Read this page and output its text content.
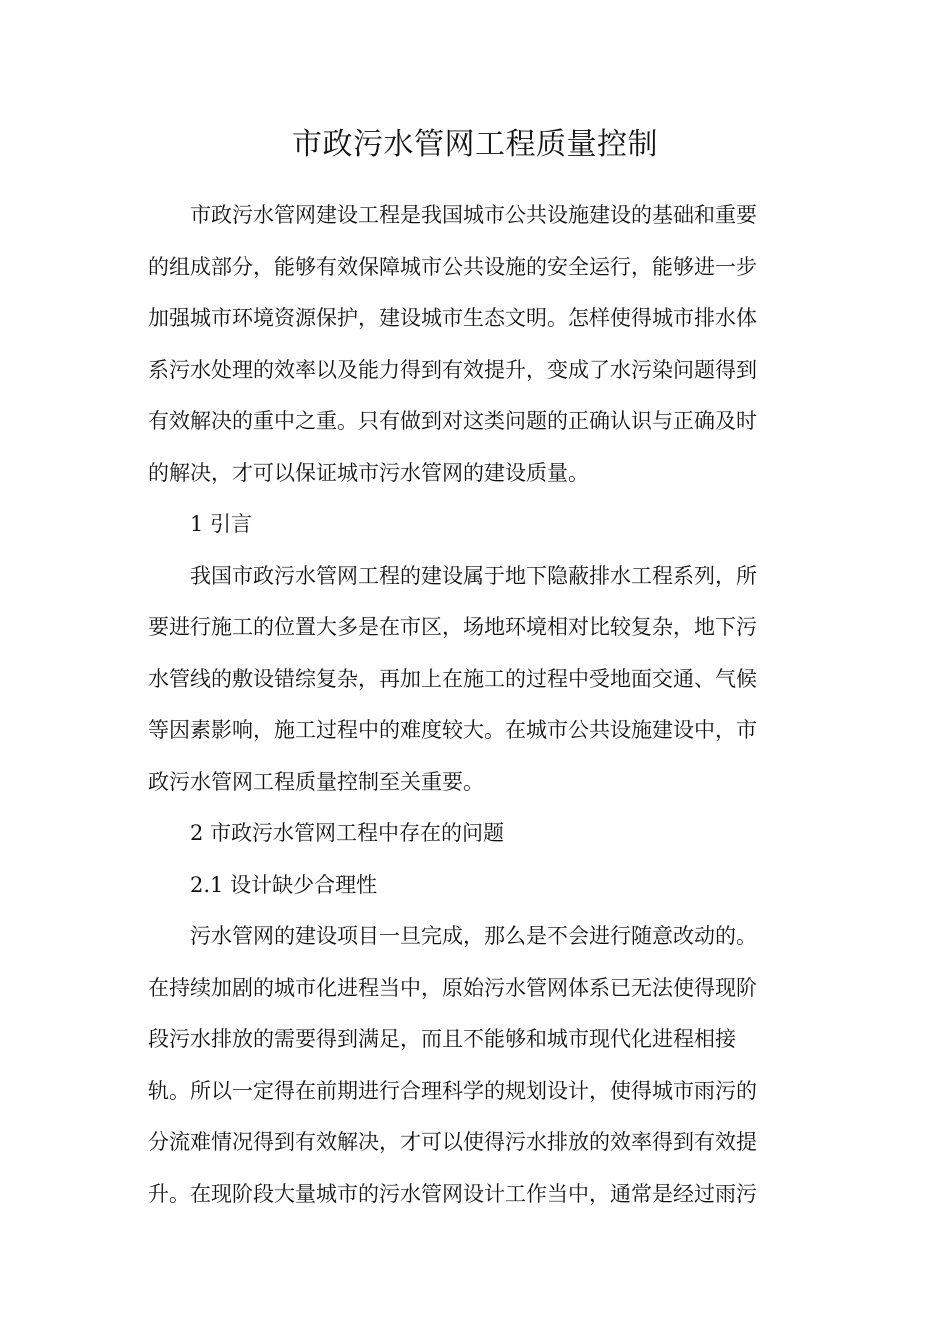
市政污水管网工程质量控制

市政污水管网建设工程是我国城市公共设施建设的基础和重要
的组成部分，能够有效保障城市公共设施的安全运行，能够进一步
加强城市环境资源保护，建设城市生态文明。怎样使得城市排水体
系污水处理的效率以及能力得到有效提升，变成了水污染问题得到
有效解决的重中之重。只有做到对这类问题的正确认识与正确及时
的解决，才可以保证城市污水管网的建设质量。

1 引言

我国市政污水管网工程的建设属于地下隐蔽排水工程系列，所
要进行施工的位置大多是在市区，场地环境相对比较复杂，地下污
水管线的敷设错综复杂，再加上在施工的过程中受地面交通、气候
等因素影响，施工过程中的难度较大。在城市公共设施建设中，市
政污水管网工程质量控制至关重要。

2 市政污水管网工程中存在的问题

2.1 设计缺少合理性

污水管网的建设项目一旦完成，那么是不会进行随意改动的。
在持续加剧的城市化进程当中，原始污水管网体系已无法使得现阶
段污水排放的需要得到满足，而且不能够和城市现代化进程相接
轨。所以一定得在前期进行合理科学的规划设计，使得城市雨污的
分流难情况得到有效解决，才可以使得污水排放的效率得到有效提
升。在现阶段大量城市的污水管网设计工作当中，通常是经过雨污
